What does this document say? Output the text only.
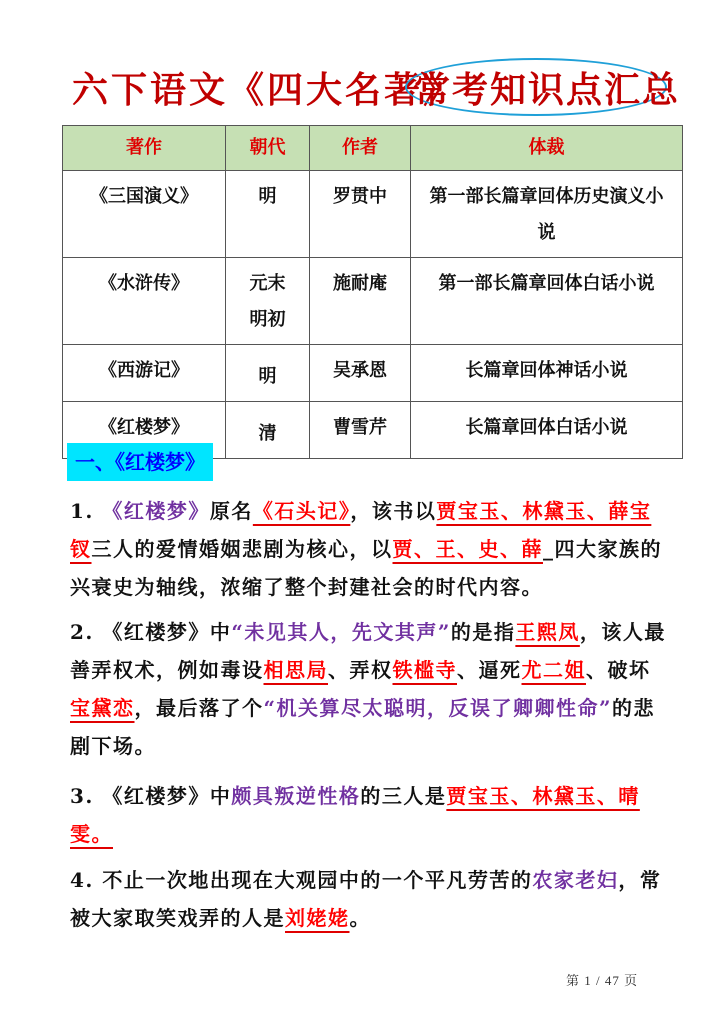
六下语文《四大名著》
常考知识点汇总
著作	朝代	作者	体裁
《三国演义》	明	罗贯中	第一部长篇章回体历史演义小说
《水浒传》	元末明初	施耐庵	第一部长篇章回体白话小说
《西游记》	明	吴承恩	长篇章回体神话小说
《红楼梦》	清	曹雪芹	长篇章回体白话小说
一、《红楼梦》
1. 《红楼梦》原名《石头记》，该书以贾宝玉、林黛玉、薛宝钗三人的爱情婚姻悲剧为核心，以贾、王、史、薛_四大家族的兴衰史为轴线，浓缩了整个封建社会的时代内容。
2. 《红楼梦》中“未见其人，先文其声”的是指王熙凤，该人最善弄权术，例如毒设相思局、弄权铁槛寺、逼死尤二姐、破坏宝黛恋，最后落了个“机关算尽太聪明，反误了卿卿性命”的悲剧下场。
3. 《红楼梦》中颇具叛逆性格的三人是贾宝玉、林黛玉、晴雯。
4. 不止一次地出现在大观园中的一个平凡劳苦的农家老妇，常被大家取笑戏弄的人是刘姥姥。
第 1 / 47 页
